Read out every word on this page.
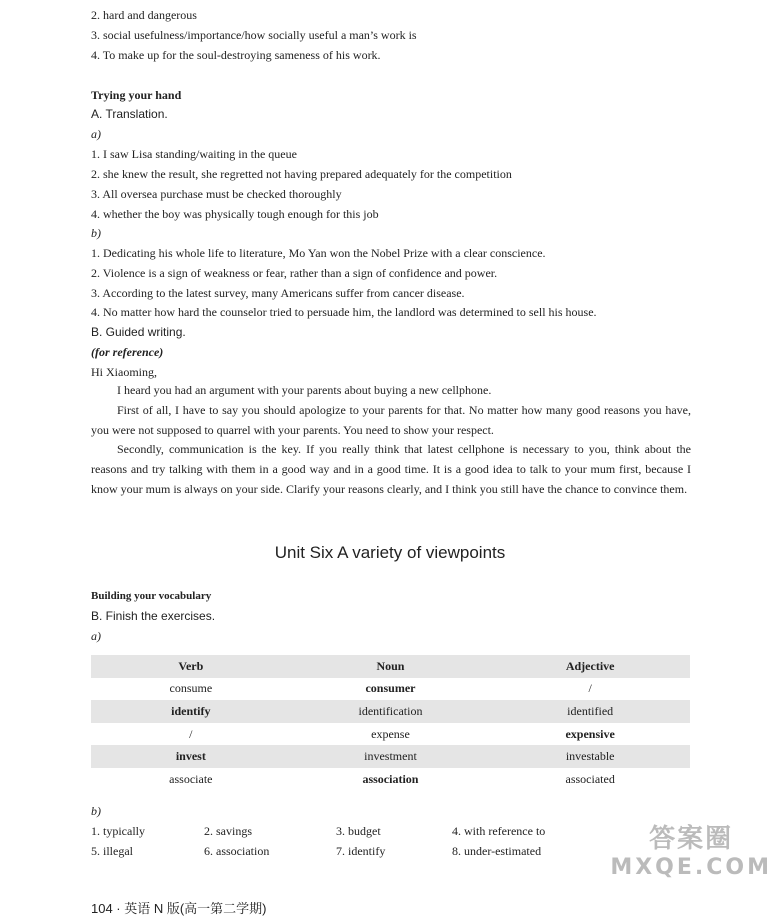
2. hard and dangerous
3. social usefulness/importance/how socially useful a man’s work is
4. To make up for the soul-destroying sameness of his work.
Trying your hand
A. Translation.
a)
1. I saw Lisa standing/waiting in the queue
2. she knew the result, she regretted not having prepared adequately for the competition
3. All oversea purchase must be checked thoroughly
4. whether the boy was physically tough enough for this job
b)
1. Dedicating his whole life to literature, Mo Yan won the Nobel Prize with a clear conscience.
2. Violence is a sign of weakness or fear, rather than a sign of confidence and power.
3. According to the latest survey, many Americans suffer from cancer disease.
4. No matter how hard the counselor tried to persuade him, the landlord was determined to sell his house.
B. Guided writing.
(for reference)
Hi Xiaoming,

I heard you had an argument with your parents about buying a new cellphone.

First of all, I have to say you should apologize to your parents for that. No matter how many good reasons you have, you were not supposed to quarrel with your parents. You need to show your respect.

Secondly, communication is the key. If you really think that latest cellphone is necessary to you, think about the reasons and try talking with them in a good way and in a good time. It is a good idea to talk to your mum first, because I know your mum is always on your side. Clarify your reasons clearly, and I think you still have the chance to convince them.

Unit Six A variety of viewpoints
Building your vocabulary
B. Finish the exercises.
a)
Verb	Noun	Adjective
consume	consumer	/
identify	identification	identified
/	expense	expensive
invest	investment	investable
associate	association	associated
b)
1. typically	2. savings	3. budget	4. with reference to
5. illegal	6. association	7. identify	8. under-estimated
104 · 英语 N 版(高一第二学期)
答案圈
MXQE.COM
